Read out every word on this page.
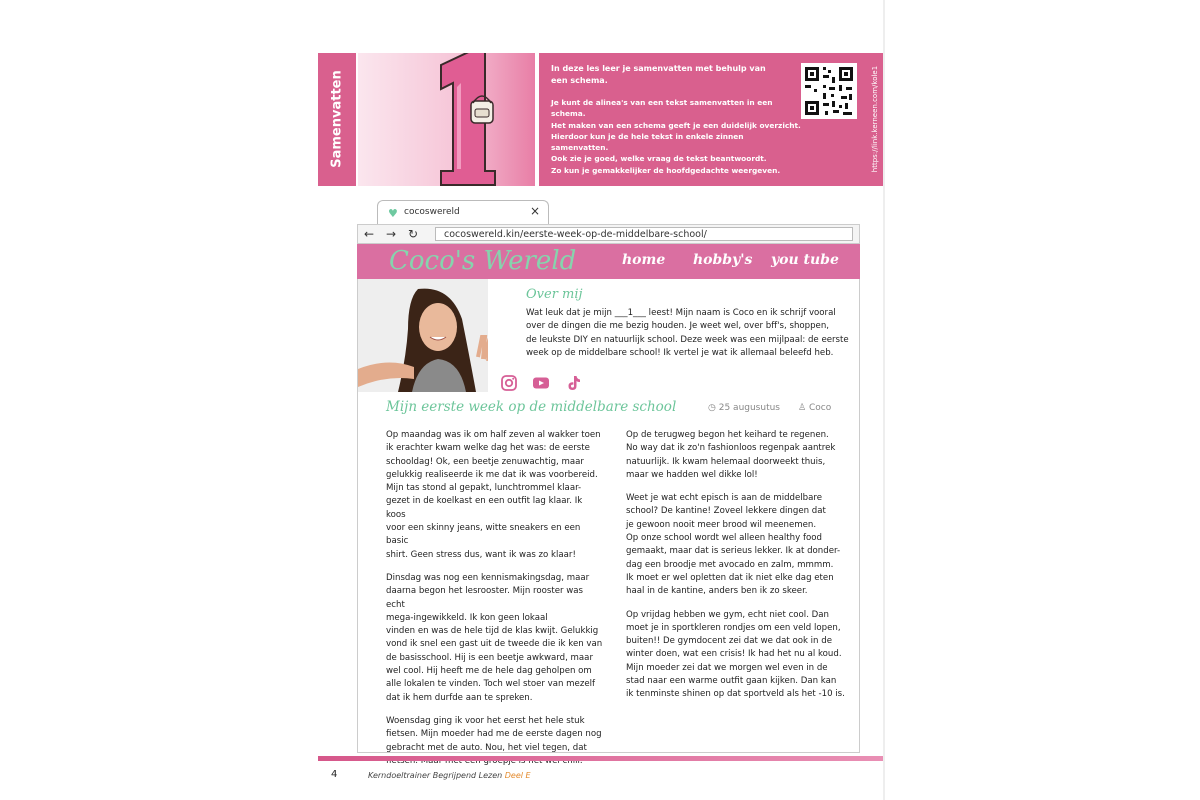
Samenvatten
In deze les leer je samenvatten met behulp van een schema.
Je kunt de alinea's van een tekst samenvatten in een schema.
Het maken van een schema geeft je een duidelijk overzicht.
Hierdoor kun je de hele tekst in enkele zinnen samenvatten.
Ook zie je goed, welke vraag de tekst beantwoordt.
Zo kun je gemakkelijker de hoofdgedachte weergeven.	https://link.kerneen.com/kole1
♥ cocoswereld	×
← → ↻	cocoswereld.kin/eerste-week-op-de-middelbare-school/
Coco's Wereld	home hobby's you tube
Over mij
Wat leuk dat je mijn ___1___ leest! Mijn naam is Coco en ik schrijf vooral
over de dingen die me bezig houden. Je weet wel, over bff's, shoppen,
de leukste DIY en natuurlijk school. Deze week was een mijlpaal: de eerste
week op de middelbare school! Ik vertel je wat ik allemaal beleefd heb.
Mijn eerste week op de middelbare school	◷ 25 augusutus ♙ Coco

Op maandag was ik om half zeven al wakker toen
ik erachter kwam welke dag het was: de eerste
schooldag! Ok, een beetje zenuwachtig, maar
gelukkig realiseerde ik me dat ik was voorbereid.
Mijn tas stond al gepakt, lunchtrommel klaar-
gezet in de koelkast en een outfit lag klaar. Ik koos
voor een skinny jeans, witte sneakers en een basic
shirt. Geen stress dus, want ik was zo klaar!

Dinsdag was nog een kennismakingsdag, maar
daarna begon het lesrooster. Mijn rooster was echt
mega-ingewikkeld. Ik kon geen lokaal
vinden en was de hele tijd de klas kwijt. Gelukkig
vond ik snel een gast uit de tweede die ik ken van
de basisschool. Hij is een beetje awkward, maar
wel cool. Hij heeft me de hele dag geholpen om
alle lokalen te vinden. Toch wel stoer van mezelf
dat ik hem durfde aan te spreken.

Woensdag ging ik voor het eerst het hele stuk
fietsen. Mijn moeder had me de eerste dagen nog
gebracht met de auto. Nou, het viel tegen, dat

Op de terugweg begon het keihard te regenen.
No way dat ik zo'n fashionloos regenpak aantrek
natuurlijk. Ik kwam helemaal doorweekt thuis,
maar we hadden wel dikke lol!

Weet je wat echt episch is aan de middelbare
school? De kantine! Zoveel lekkere dingen dat
je gewoon nooit meer brood wil meenemen.
Op onze school wordt wel alleen healthy food
gemaakt, maar dat is serieus lekker. Ik at donder-
dag een broodje met avocado en zalm, mmmm.
Ik moet er wel opletten dat ik niet elke dag eten
haal in de kantine, anders ben ik zo skeer.

Op vrijdag hebben we gym, echt niet cool. Dan
moet je in sportkleren rondjes om een veld lopen,
buiten!! De gymdocent zei dat we dat ook in de
winter doen, wat een crisis! Ik had het nu al koud.
Mijn moeder zei dat we morgen wel even in de
stad naar een warme outfit gaan kijken. Dan kan
ik tenminste shinen op dat sportveld als het -10 is.

4	Kerndoeltrainer Begrijpend Lezen Deel E
